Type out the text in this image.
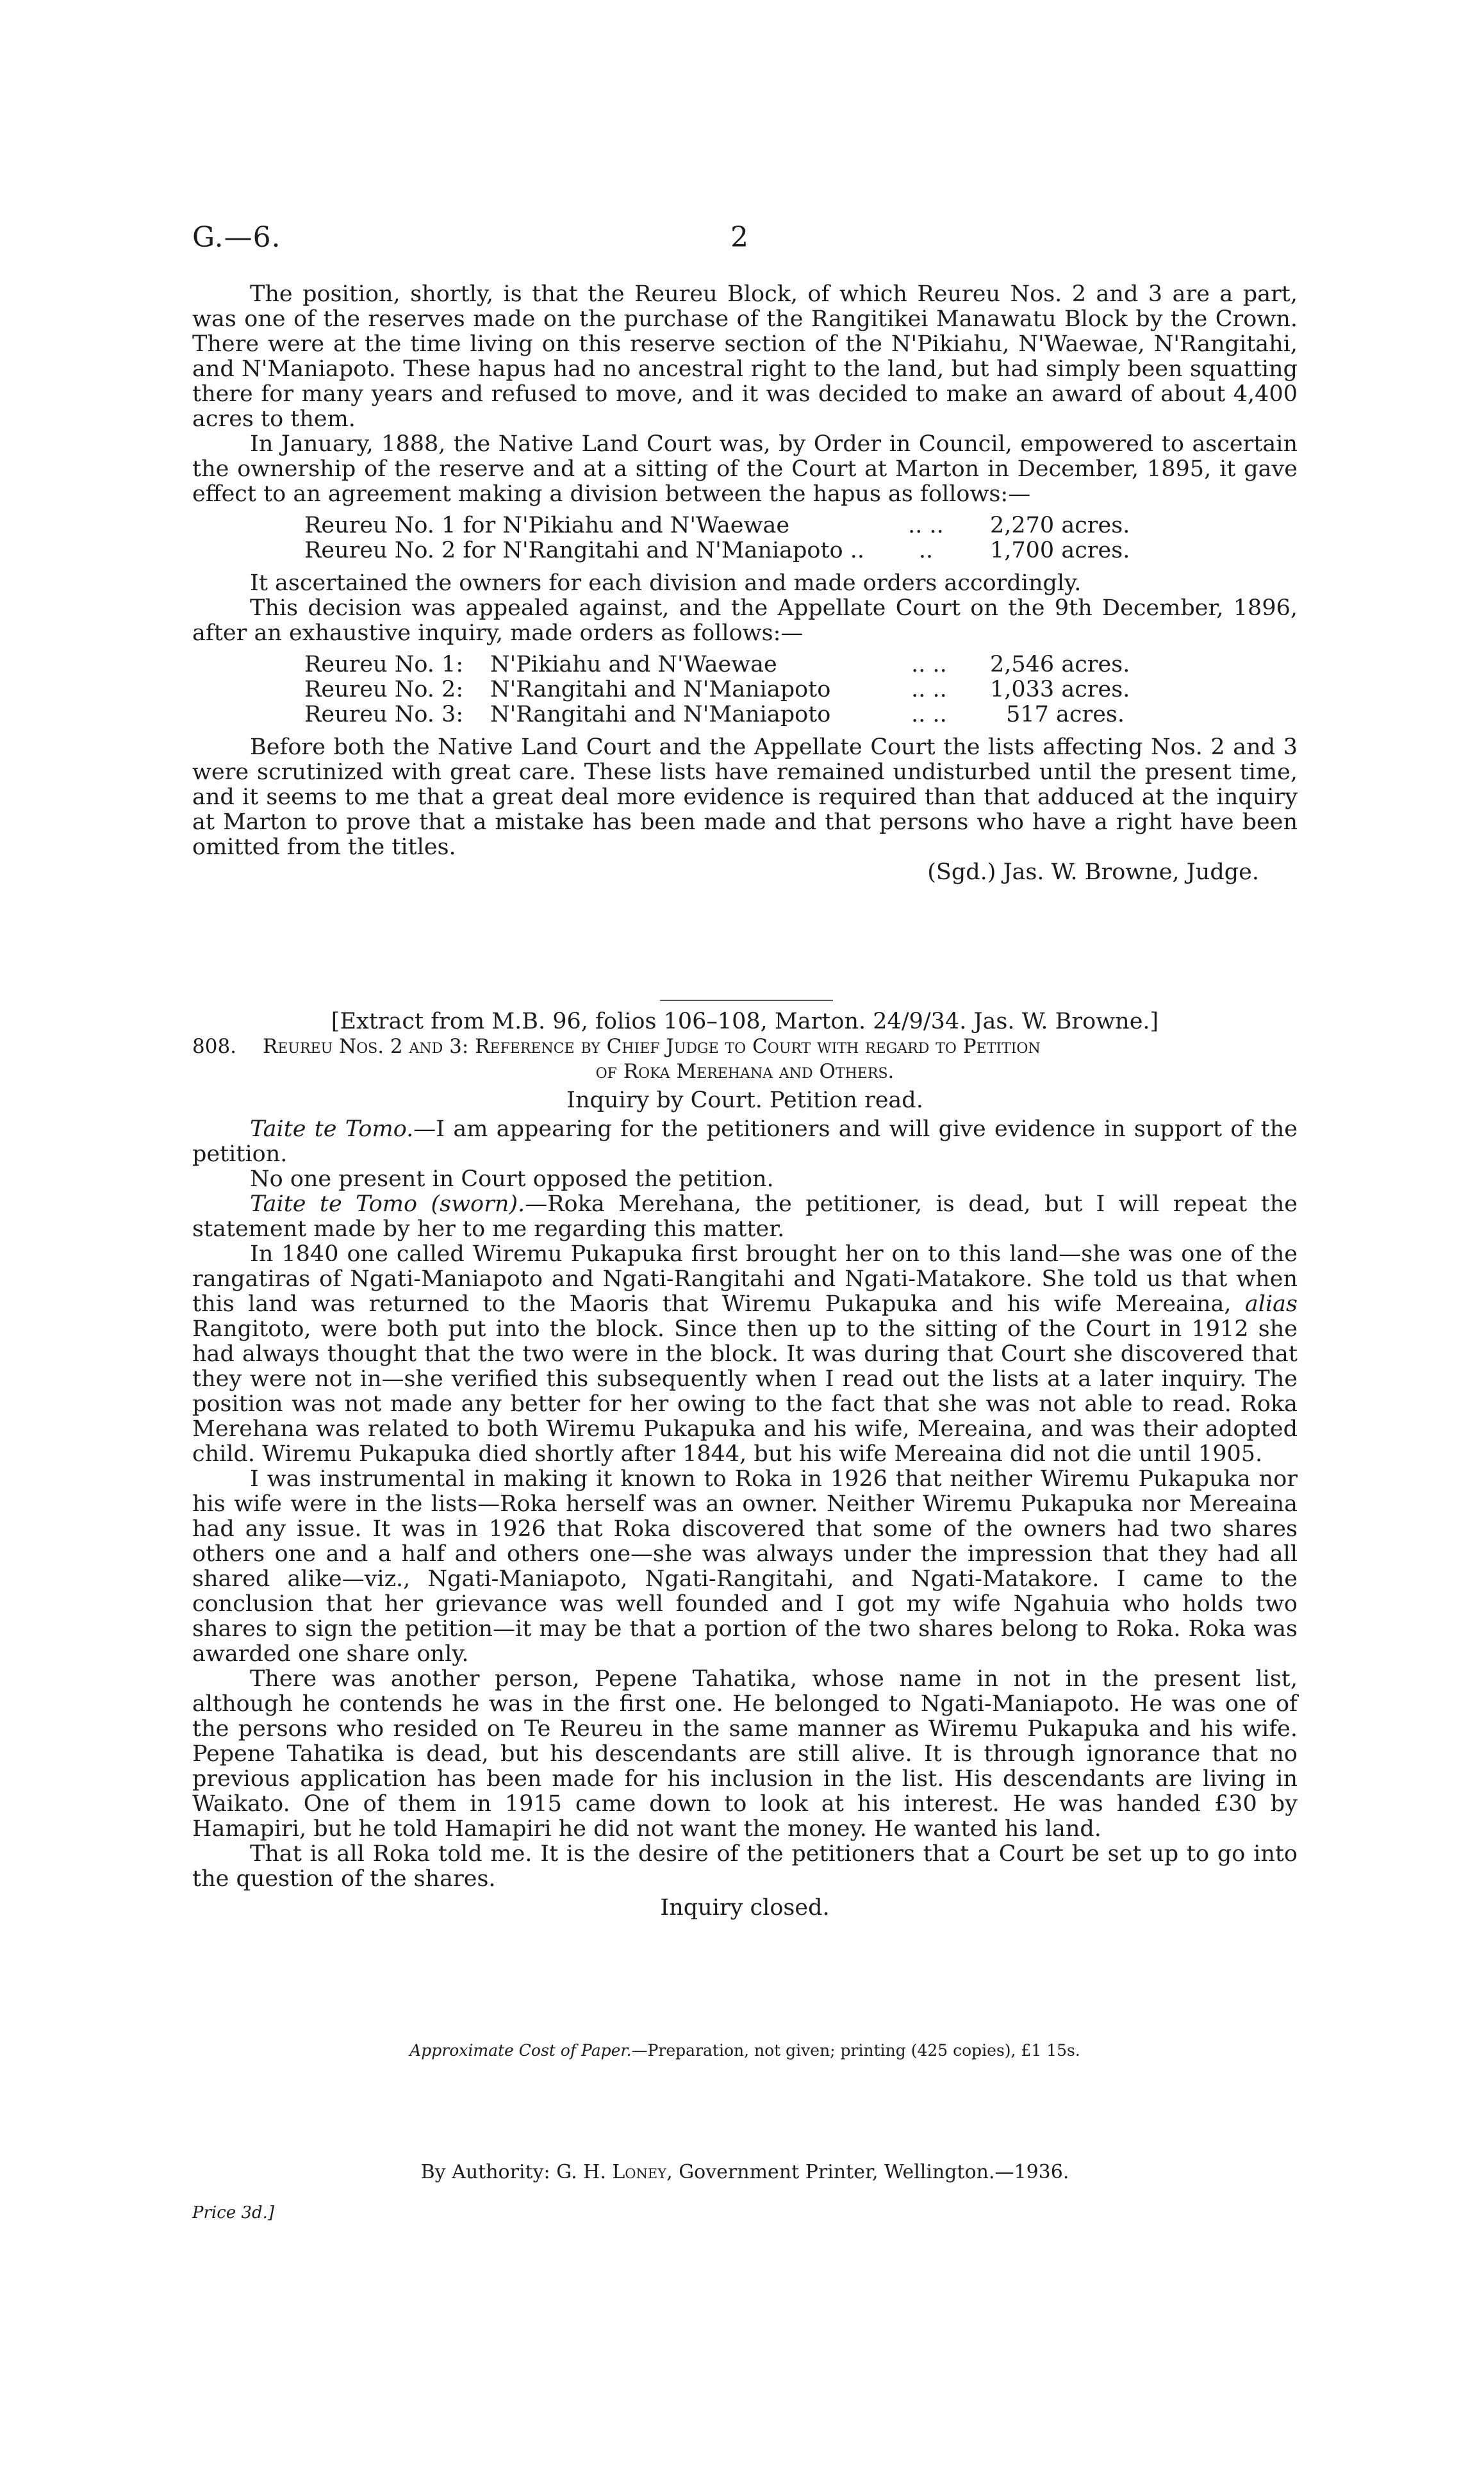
G.—6.	2

The position, shortly, is that the Reureu Block, of which Reureu Nos. 2 and 3 are a part, was one of the reserves made on the purchase of the Rangitikei Manawatu Block by the Crown. There were at the time living on this reserve section of the N'Pikiahu, N'Waewae, N'Rangitahi, and N'Maniapoto. These hapus had no ancestral right to the land, but had simply been squatting there for many years and refused to move, and it was decided to make an award of about 4,400 acres to them.

In January, 1888, the Native Land Court was, by Order in Council, empowered to ascertain the ownership of the reserve and at a sitting of the Court at Marton in December, 1895, it gave effect to an agreement making a division between the hapus as follows:—

Reureu No. 1 for N'Pikiahu and N'Waewae	.. ..	2,270 acres.
Reureu No. 2 for N'Rangitahi and N'Maniapoto ..	..	1,700 acres.

It ascertained the owners for each division and made orders accordingly.

This decision was appealed against, and the Appellate Court on the 9th December, 1896, after an exhaustive inquiry, made orders as follows:—

Reureu No. 1:	N'Pikiahu and N'Waewae	.. ..	2,546 acres.
Reureu No. 2:	N'Rangitahi and N'Maniapoto	.. ..	1,033 acres.
Reureu No. 3:	N'Rangitahi and N'Maniapoto	.. ..	517 acres.

Before both the Native Land Court and the Appellate Court the lists affecting Nos. 2 and 3 were scrutinized with great care. These lists have remained undisturbed until the present time, and it seems to me that a great deal more evidence is required than that adduced at the inquiry at Marton to prove that a mistake has been made and that persons who have a right have been omitted from the titles.

(Sgd.) Jas. W. Browne, Judge.
[Extract from M.B. 96, folios 106–108, Marton. 24/9/34. Jas. W. Browne.]
808.	Reureu Nos. 2 and 3: Reference by Chief Judge to Court with regard to Petition
of Roka Merehana and Others.
Inquiry by Court. Petition read.

Taite te Tomo.—I am appearing for the petitioners and will give evidence in support of the petition.

No one present in Court opposed the petition.

Taite te Tomo (sworn).—Roka Merehana, the petitioner, is dead, but I will repeat the statement made by her to me regarding this matter.

In 1840 one called Wiremu Pukapuka first brought her on to this land—she was one of the rangatiras of Ngati-Maniapoto and Ngati-Rangitahi and Ngati-Matakore. She told us that when this land was returned to the Maoris that Wiremu Pukapuka and his wife Mereaina, alias Rangitoto, were both put into the block. Since then up to the sitting of the Court in 1912 she had always thought that the two were in the block. It was during that Court she discovered that they were not in—she verified this subsequently when I read out the lists at a later inquiry. The position was not made any better for her owing to the fact that she was not able to read. Roka Merehana was related to both Wiremu Pukapuka and his wife, Mereaina, and was their adopted child. Wiremu Pukapuka died shortly after 1844, but his wife Mereaina did not die until 1905.

I was instrumental in making it known to Roka in 1926 that neither Wiremu Pukapuka nor his wife were in the lists—Roka herself was an owner. Neither Wiremu Pukapuka nor Mereaina had any issue. It was in 1926 that Roka discovered that some of the owners had two shares others one and a half and others one—she was always under the impression that they had all shared alike—viz., Ngati-Maniapoto, Ngati-Rangitahi, and Ngati-Matakore. I came to the conclusion that her grievance was well founded and I got my wife Ngahuia who holds two shares to sign the petition—it may be that a portion of the two shares belong to Roka. Roka was awarded one share only.

There was another person, Pepene Tahatika, whose name in not in the present list, although he contends he was in the first one. He belonged to Ngati-Maniapoto. He was one of the persons who resided on Te Reureu in the same manner as Wiremu Pukapuka and his wife. Pepene Tahatika is dead, but his descendants are still alive. It is through ignorance that no previous application has been made for his inclusion in the list. His descendants are living in Waikato. One of them in 1915 came down to look at his interest. He was handed £30 by Hamapiri, but he told Hamapiri he did not want the money. He wanted his land.

That is all Roka told me. It is the desire of the petitioners that a Court be set up to go into the question of the shares.

Inquiry closed.
Approximate Cost of Paper.—Preparation, not given; printing (425 copies), £1 15s.
By Authority: G. H. Loney, Government Printer, Wellington.—1936.
Price 3d.]
